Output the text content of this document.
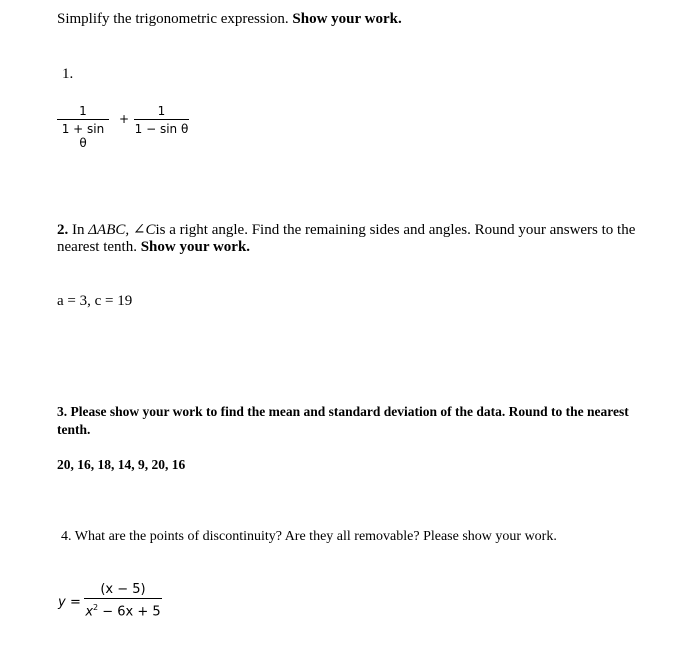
Simplify the trigonometric expression. Show your work.
1.
1
1 + sin θ
+
1
1 − sin θ
2. In ΔABC, ∠Cis a right angle. Find the remaining sides and angles. Round your answers to the
nearest tenth. Show your work.
a = 3, c = 19
3. Please show your work to find the mean and standard deviation of the data. Round to the nearest
tenth.
20, 16, 18, 14, 9, 20, 16
4. What are the points of discontinuity? Are they all removable? Please show your work.
y =
(x − 5)
$x^2 - 6x + 5$
